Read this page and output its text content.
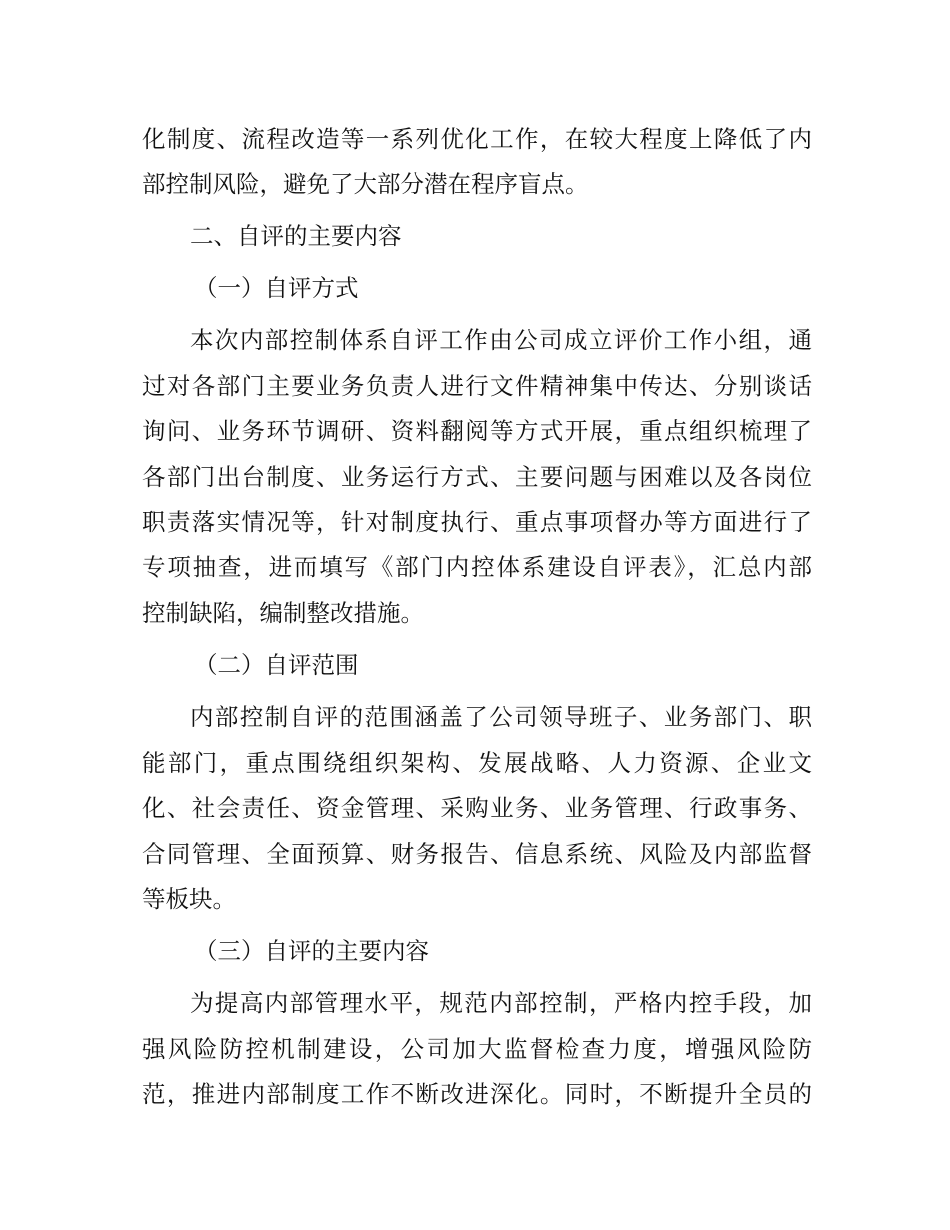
化制度、流程改造等一系列优化工作，在较大程度上降低了内
部控制风险，避免了大部分潜在程序盲点。
二、自评的主要内容
（一）自评方式
本次内部控制体系自评工作由公司成立评价工作小组，通
过对各部门主要业务负责人进行文件精神集中传达、分别谈话
询问、业务环节调研、资料翻阅等方式开展，重点组织梳理了
各部门出台制度、业务运行方式、主要问题与困难以及各岗位
职责落实情况等，针对制度执行、重点事项督办等方面进行了
专项抽查，进而填写《部门内控体系建设自评表》，汇总内部
控制缺陷，编制整改措施。
（二）自评范围
内部控制自评的范围涵盖了公司领导班子、业务部门、职
能部门，重点围绕组织架构、发展战略、人力资源、企业文
化、社会责任、资金管理、采购业务、业务管理、行政事务、
合同管理、全面预算、财务报告、信息系统、风险及内部监督
等板块。
（三）自评的主要内容
为提高内部管理水平，规范内部控制，严格内控手段，加
强风险防控机制建设，公司加大监督检查力度，增强风险防
范，推进内部制度工作不断改进深化。同时，不断提升全员的
